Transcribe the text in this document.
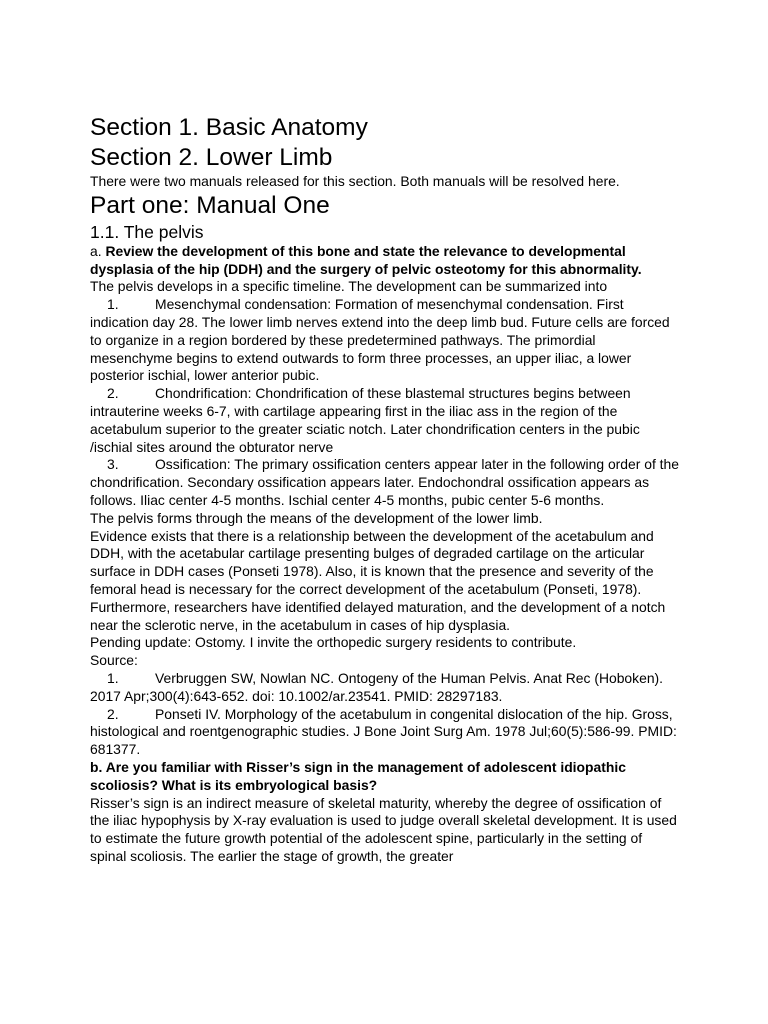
Section 1. Basic Anatomy
Section 2. Lower Limb

There were two manuals released for this section. Both manuals will be resolved here.

Part one: Manual One
1.1. The pelvis

a. Review the development of this bone and state the relevance to developmental dysplasia of the hip (DDH) and the surgery of pelvic osteotomy for this abnormality.

The pelvis develops in a specific timeline. The development can be summarized into

1.	Mesenchymal condensation: Formation of mesenchymal condensation. First indication day 28. The lower limb nerves extend into the deep limb bud. Future cells are forced to organize in a region bordered by these predetermined pathways. The primordial mesenchyme begins to extend outwards to form three processes, an upper iliac, a lower posterior ischial, lower anterior pubic.
2.	Chondrification: Chondrification of these blastemal structures begins between intrauterine weeks 6-7, with cartilage appearing first in the iliac ass in the region of the acetabulum superior to the greater sciatic notch. Later chondrification centers in the pubic /ischial sites around the obturator nerve
3.	Ossification: The primary ossification centers appear later in the following order of the chondrification. Secondary ossification appears later. Endochondral ossification appears as follows. Iliac center 4-5 months. Ischial center 4-5 months, pubic center 5-6 months.

The pelvis forms through the means of the development of the lower limb.

Evidence exists that there is a relationship between the development of the acetabulum and DDH, with the acetabular cartilage presenting bulges of degraded cartilage on the articular surface in DDH cases (Ponseti 1978). Also, it is known that the presence and severity of the femoral head is necessary for the correct development of the acetabulum (Ponseti, 1978). Furthermore, researchers have identified delayed maturation, and the development of a notch near the sclerotic nerve, in the acetabulum in cases of hip dysplasia.

Pending update: Ostomy. I invite the orthopedic surgery residents to contribute.

Source:

1.	Verbruggen SW, Nowlan NC. Ontogeny of the Human Pelvis. Anat Rec (Hoboken). 2017 Apr;300(4):643-652. doi: 10.1002/ar.23541. PMID: 28297183.
2.	Ponseti IV. Morphology of the acetabulum in congenital dislocation of the hip. Gross, histological and roentgenographic studies. J Bone Joint Surg Am. 1978 Jul;60(5):586-99. PMID: 681377.

b. Are you familiar with Risser’s sign in the management of adolescent idiopathic scoliosis? What is its embryological basis?

Risser’s sign is an indirect measure of skeletal maturity, whereby the degree of ossification of the iliac hypophysis by X-ray evaluation is used to judge overall skeletal development. It is used to estimate the future growth potential of the adolescent spine, particularly in the setting of spinal scoliosis. The earlier the stage of growth, the greater
